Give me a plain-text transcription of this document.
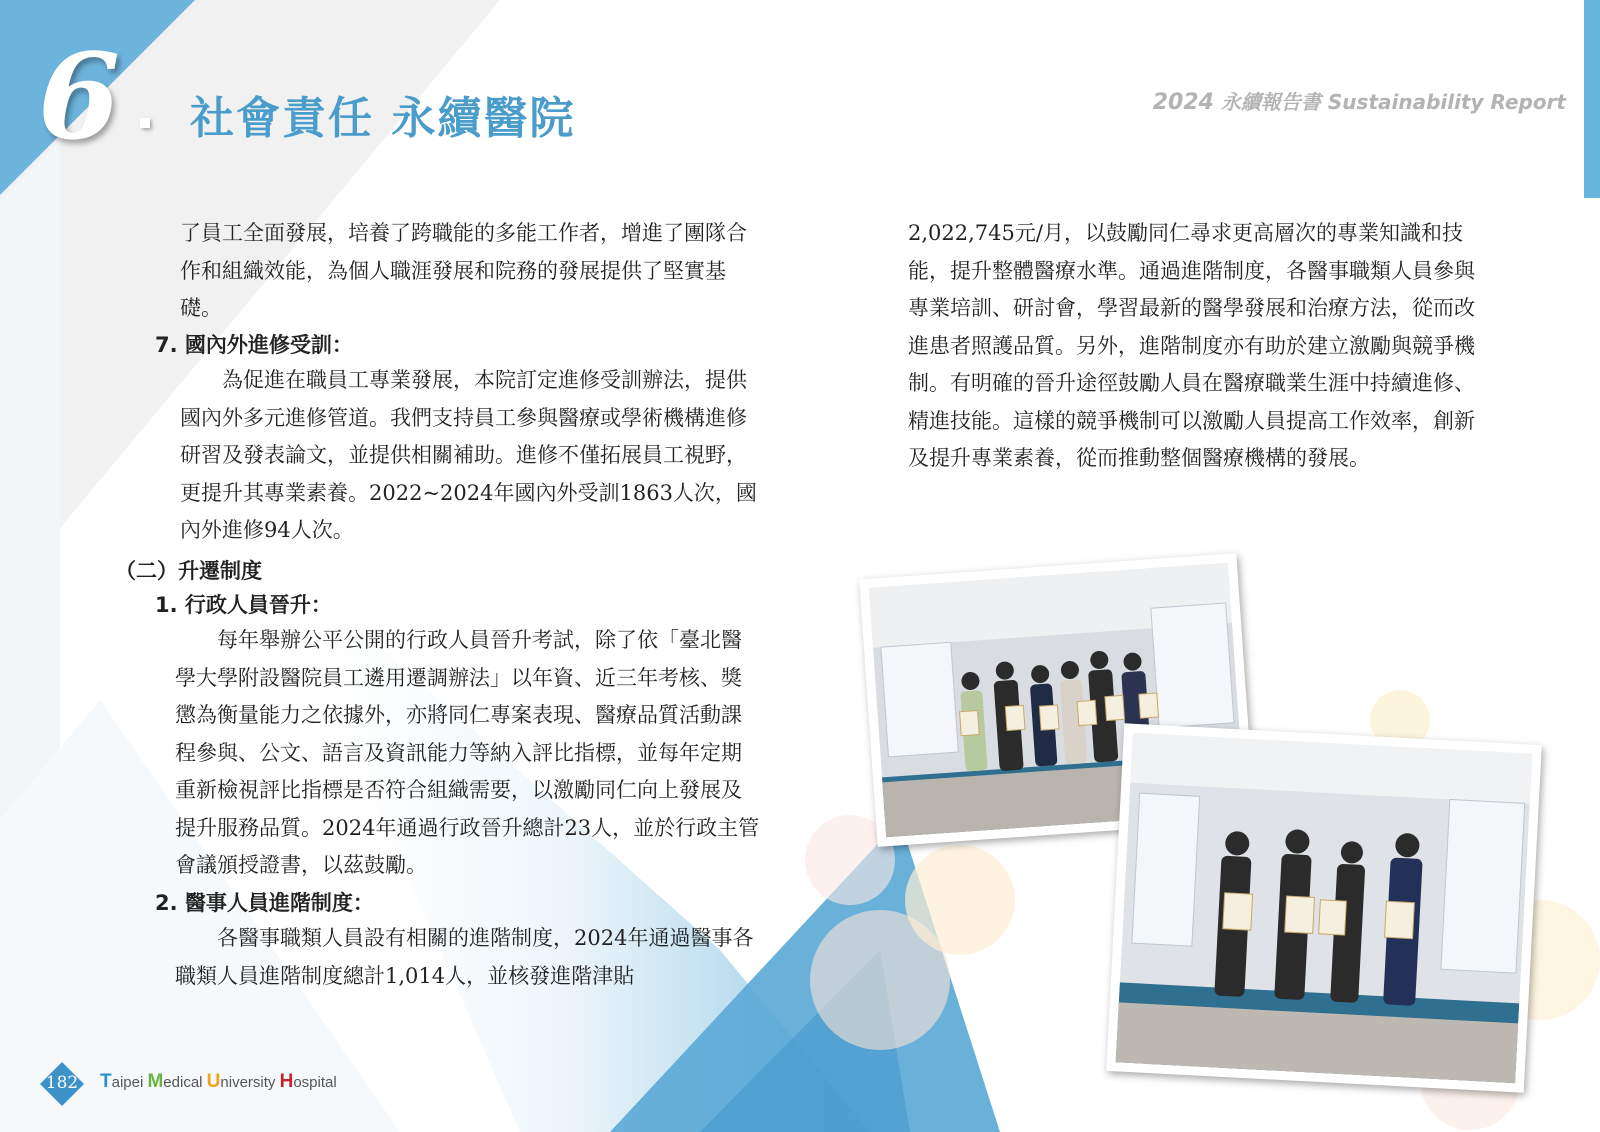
6 社會責任 永續醫院	2024 永續報告書 Sustainability Report

了員工全面發展，培養了跨職能的多能工作者，增進了團隊合作和組織效能，為個人職涯發展和院務的發展提供了堅實基礎。

7. 國內外進修受訓：

為促進在職員工專業發展，本院訂定進修受訓辦法，提供國內外多元進修管道。我們支持員工參與醫療或學術機構進修研習及發表論文，並提供相關補助。進修不僅拓展員工視野，更提升其專業素養。2022~2024年國內外受訓1863人次，國內外進修94人次。

（二）升遷制度

1. 行政人員晉升：

每年舉辦公平公開的行政人員晉升考試，除了依「臺北醫學大學附設醫院員工遴用遷調辦法」以年資、近三年考核、獎懲為衡量能力之依據外，亦將同仁專案表現、醫療品質活動課程參與、公文、語言及資訊能力等納入評比指標，並每年定期重新檢視評比指標是否符合組織需要，以激勵同仁向上發展及提升服務品質。2024年通過行政晉升總計23人，並於行政主管會議頒授證書，以茲鼓勵。

2. 醫事人員進階制度：

各醫事職類人員設有相關的進階制度，2024年通過醫事各職類人員進階制度總計1,014人，並核發進階津貼

2,022,745元/月，以鼓勵同仁尋求更高層次的專業知識和技能，提升整體醫療水準。通過進階制度，各醫事職類人員參與專業培訓、研討會，學習最新的醫學發展和治療方法，從而改進患者照護品質。另外，進階制度亦有助於建立激勵與競爭機制。有明確的晉升途徑鼓勵人員在醫療職業生涯中持續進修、精進技能。這樣的競爭機制可以激勵人員提高工作效率，創新及提升專業素養，從而推動整個醫療機構的發展。

182	Taipei Medical University Hospital
